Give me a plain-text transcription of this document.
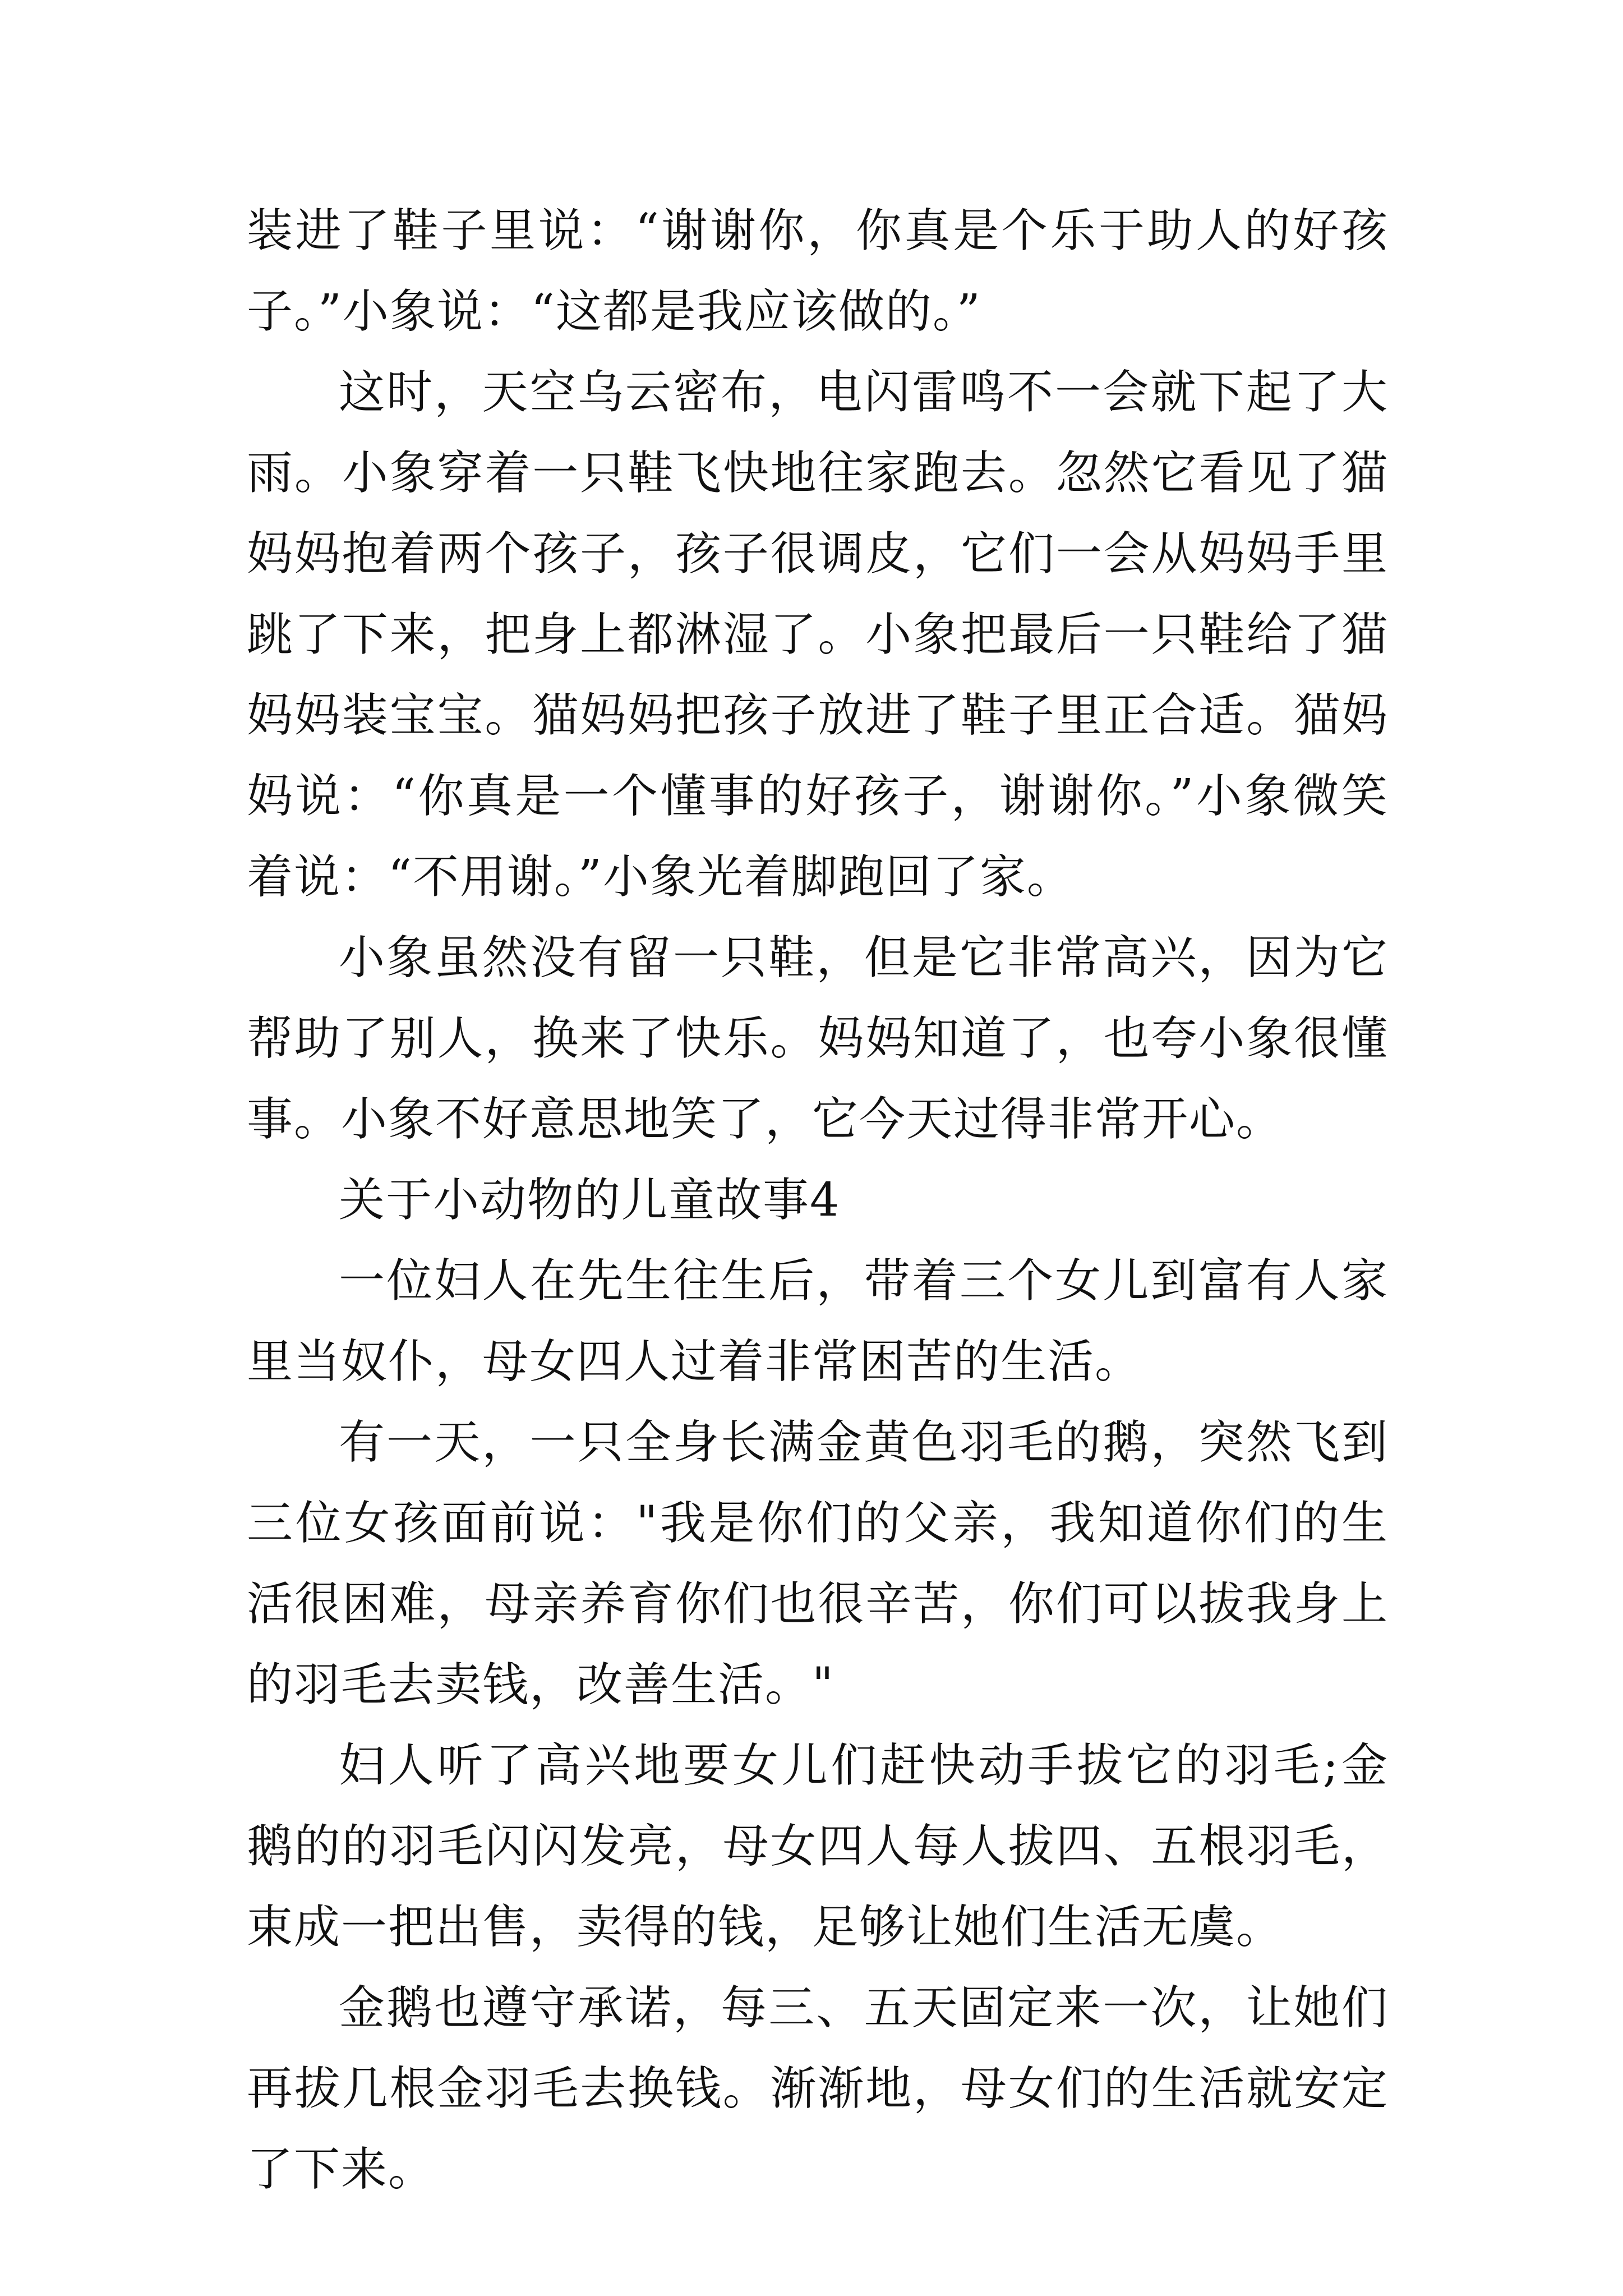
装进了鞋子里说：“谢谢你，你真是个乐于助人的好孩子。”小象说：“这都是我应该做的。”

这时，天空乌云密布，电闪雷鸣不一会就下起了大雨。小象穿着一只鞋飞快地往家跑去。忽然它看见了猫妈妈抱着两个孩子，孩子很调皮，它们一会从妈妈手里跳了下来，把身上都淋湿了。小象把最后一只鞋给了猫妈妈装宝宝。猫妈妈把孩子放进了鞋子里正合适。猫妈妈说：“你真是一个懂事的好孩子，谢谢你。”小象微笑着说：“不用谢。”小象光着脚跑回了家。

小象虽然没有留一只鞋，但是它非常高兴，因为它帮助了别人，换来了快乐。妈妈知道了，也夸小象很懂事。小象不好意思地笑了，它今天过得非常开心。

关于小动物的儿童故事4

一位妇人在先生往生后，带着三个女儿到富有人家里当奴仆，母女四人过着非常困苦的生活。

有一天，一只全身长满金黄色羽毛的鹅，突然飞到三位女孩面前说："我是你们的父亲，我知道你们的生活很困难，母亲养育你们也很辛苦，你们可以拔我身上的羽毛去卖钱，改善生活。"

妇人听了高兴地要女儿们赶快动手拔它的羽毛;金鹅的的羽毛闪闪发亮，母女四人每人拔四、五根羽毛，束成一把出售，卖得的钱，足够让她们生活无虞。

金鹅也遵守承诺，每三、五天固定来一次，让她们再拔几根金羽毛去换钱。渐渐地，母女们的生活就安定了下来。
